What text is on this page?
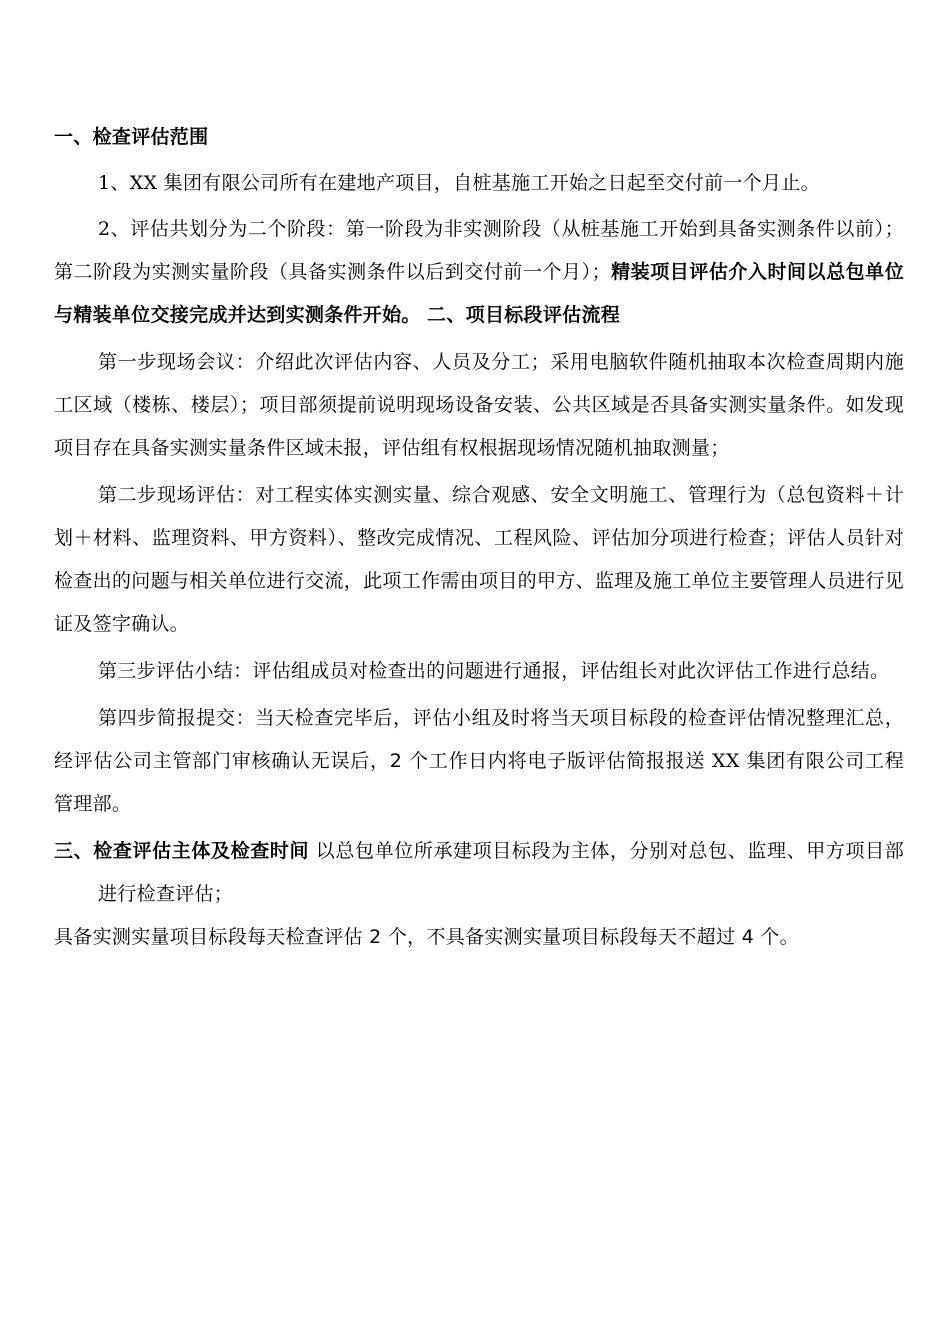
一、检查评估范围

1、XX 集团有限公司所有在建地产项目，自桩基施工开始之日起至交付前一个月止。

2、评估共划分为二个阶段：第一阶段为非实测阶段（从桩基施工开始到具备实测条件以前）；第二阶段为实测实量阶段（具备实测条件以后到交付前一个月）；精装项目评估介入时间以总包单位与精装单位交接完成并达到实测条件开始。 二、项目标段评估流程

第一步现场会议：介绍此次评估内容、人员及分工；采用电脑软件随机抽取本次检查周期内施工区域（楼栋、楼层）；项目部须提前说明现场设备安装、公共区域是否具备实测实量条件。如发现项目存在具备实测实量条件区域未报，评估组有权根据现场情况随机抽取测量；

第二步现场评估：对工程实体实测实量、综合观感、安全文明施工、管理行为（总包资料＋计划＋材料、监理资料、甲方资料）、整改完成情况、工程风险、评估加分项进行检查；评估人员针对检查出的问题与相关单位进行交流，此项工作需由项目的甲方、监理及施工单位主要管理人员进行见证及签字确认。

第三步评估小结：评估组成员对检查出的问题进行通报，评估组长对此次评估工作进行总结。

第四步简报提交：当天检查完毕后，评估小组及时将当天项目标段的检查评估情况整理汇总，经评估公司主管部门审核确认无误后，2 个工作日内将电子版评估简报报送 XX 集团有限公司工程管理部。

三、检查评估主体及检查时间 以总包单位所承建项目标段为主体，分别对总包、监理、甲方项目部进行检查评估；

具备实测实量项目标段每天检查评估 2 个，不具备实测实量项目标段每天不超过 4 个。
